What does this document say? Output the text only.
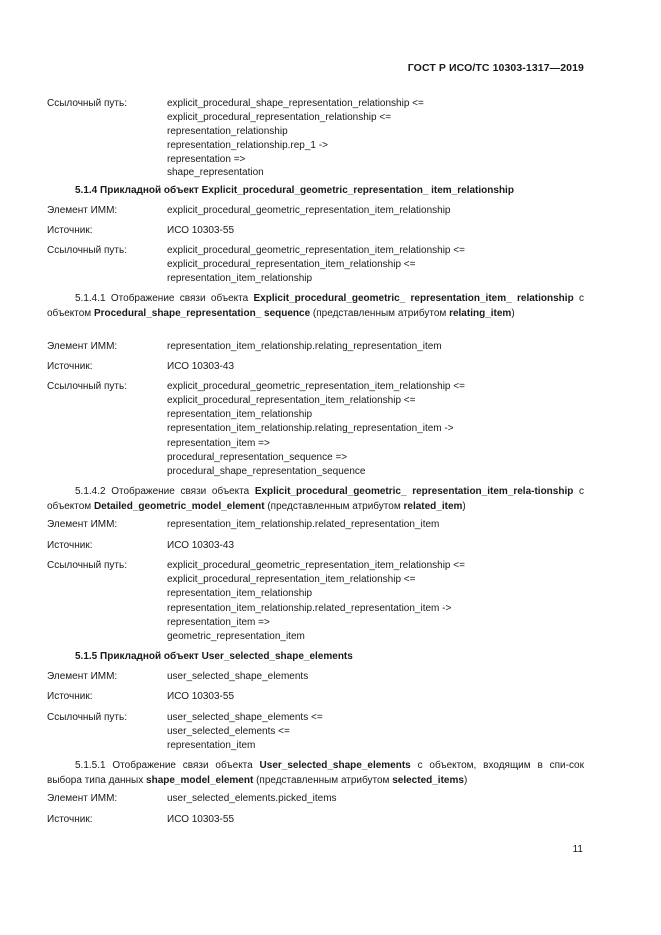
ГОСТ Р ИСО/ТС 10303-1317—2019
Ссылочный путь:	explicit_procedural_shape_representation_relationship <=
explicit_procedural_representation_relationship <=
representation_relationship
representation_relationship.rep_1 ->
representation =>
shape_representation
5.1.4 Прикладной объект Explicit_procedural_geometric_representation_ item_relationship
Элемент ИММ:	explicit_procedural_geometric_representation_item_relationship
Источник:	ИСО 10303-55
Ссылочный путь:	explicit_procedural_geometric_representation_item_relationship <=
explicit_procedural_representation_item_relationship <=
representation_item_relationship
5.1.4.1 Отображение связи объекта Explicit_procedural_geometric_ representation_item_ relationship с объектом Procedural_shape_representation_ sequence (представленным атрибутом relating_item)
Элемент ИММ:	representation_item_relationship.relating_representation_item
Источник:	ИСО 10303-43
Ссылочный путь:	explicit_procedural_geometric_representation_item_relationship <=
explicit_procedural_representation_item_relationship <=
representation_item_relationship
representation_item_relationship.relating_representation_item ->
representation_item =>
procedural_representation_sequence =>
procedural_shape_representation_sequence
5.1.4.2 Отображение связи объекта Explicit_procedural_geometric_ representation_item_rela-tionship с объектом Detailed_geometric_model_element (представленным атрибутом related_item)
Элемент ИММ:	representation_item_relationship.related_representation_item
Источник:	ИСО 10303-43
Ссылочный путь:	explicit_procedural_geometric_representation_item_relationship <=
explicit_procedural_representation_item_relationship <=
representation_item_relationship
representation_item_relationship.related_representation_item ->
representation_item =>
geometric_representation_item
5.1.5 Прикладной объект User_selected_shape_elements
Элемент ИММ:	user_selected_shape_elements
Источник:	ИСО 10303-55
Ссылочный путь:	user_selected_shape_elements <=
user_selected_elements <=
representation_item
5.1.5.1 Отображение связи объекта User_selected_shape_elements с объектом, входящим в спи-сок выбора типа данных shape_model_element (представленным атрибутом selected_items)
Элемент ИММ:	user_selected_elements.picked_items
Источник:	ИСО 10303-55
11
